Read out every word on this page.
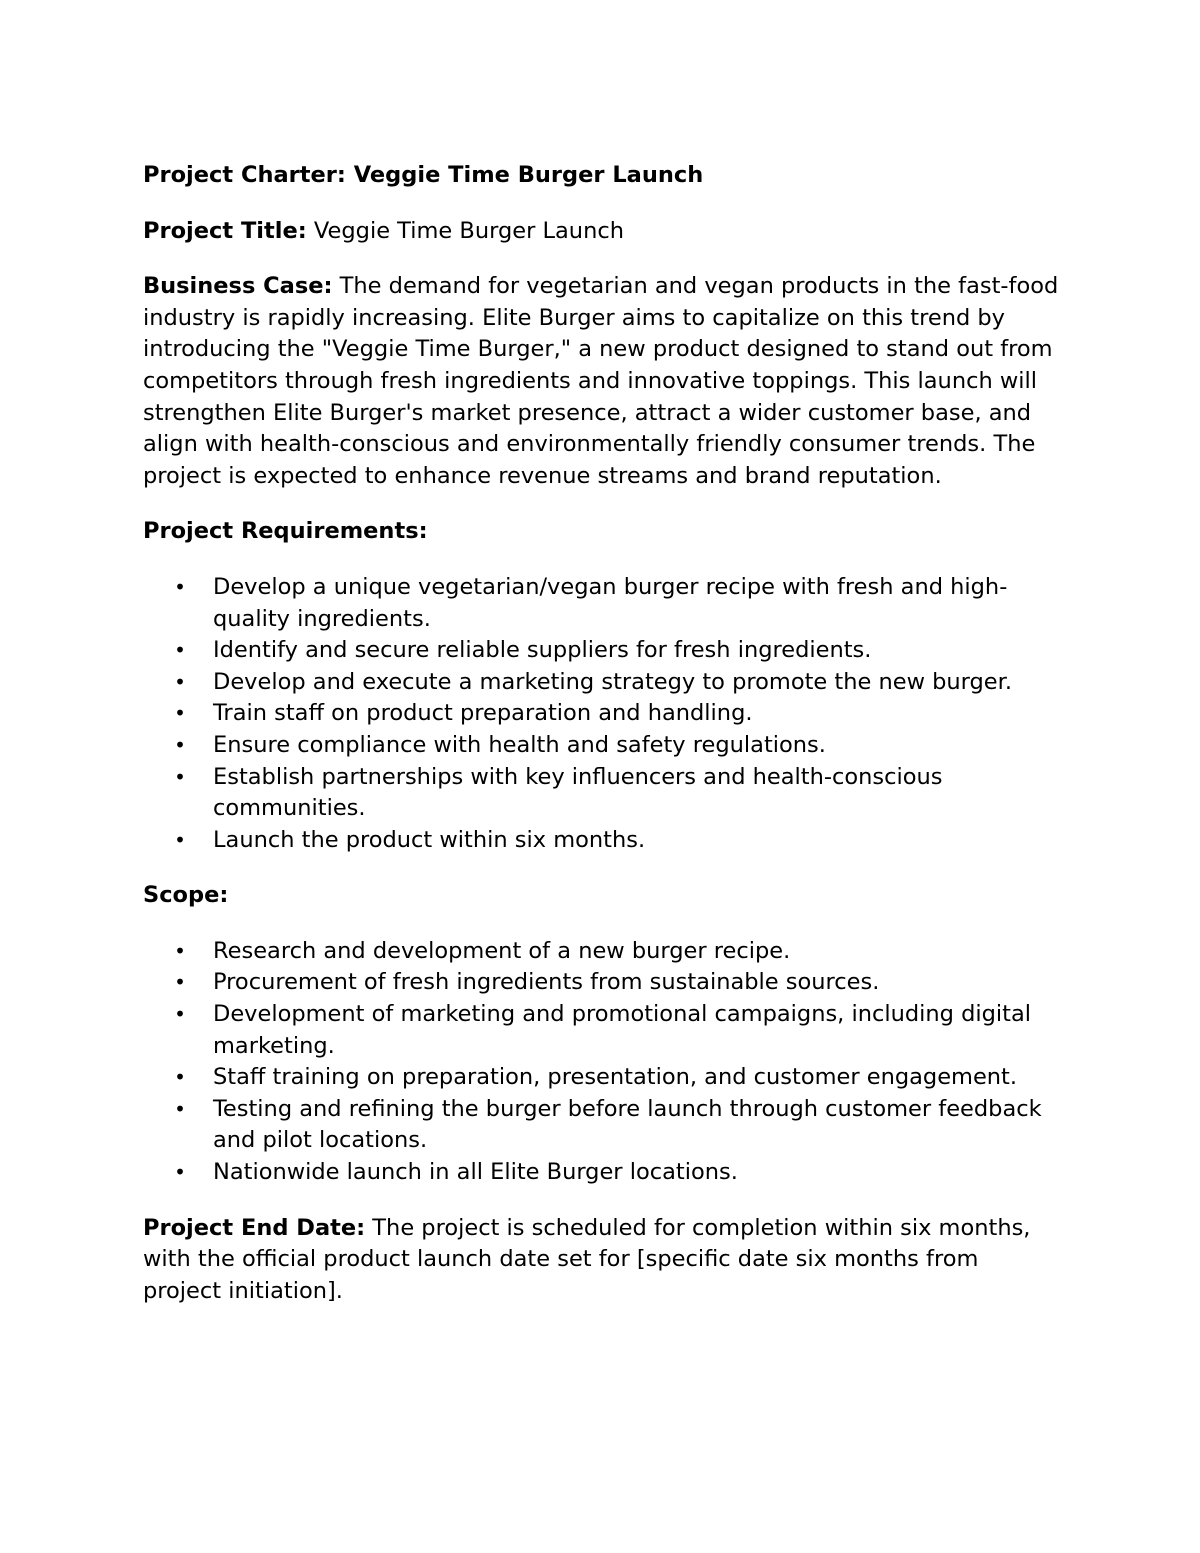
Project Charter: Veggie Time Burger Launch

Project Title: Veggie Time Burger Launch

Business Case: The demand for vegetarian and vegan products in the fast-food industry is rapidly increasing. Elite Burger aims to capitalize on this trend by introducing the "Veggie Time Burger," a new product designed to stand out from competitors through fresh ingredients and innovative toppings. This launch will strengthen Elite Burger's market presence, attract a wider customer base, and align with health-conscious and environmentally friendly consumer trends. The project is expected to enhance revenue streams and brand reputation.

Project Requirements:

• Develop a unique vegetarian/vegan burger recipe with fresh and high-quality ingredients.
• Identify and secure reliable suppliers for fresh ingredients.
• Develop and execute a marketing strategy to promote the new burger.
• Train staff on product preparation and handling.
• Ensure compliance with health and safety regulations.
• Establish partnerships with key influencers and health-conscious communities.
• Launch the product within six months.

Scope:

• Research and development of a new burger recipe.
• Procurement of fresh ingredients from sustainable sources.
• Development of marketing and promotional campaigns, including digital marketing.
• Staff training on preparation, presentation, and customer engagement.
• Testing and refining the burger before launch through customer feedback and pilot locations.
• Nationwide launch in all Elite Burger locations.

Project End Date: The project is scheduled for completion within six months, with the official product launch date set for [specific date six months from project initiation].
